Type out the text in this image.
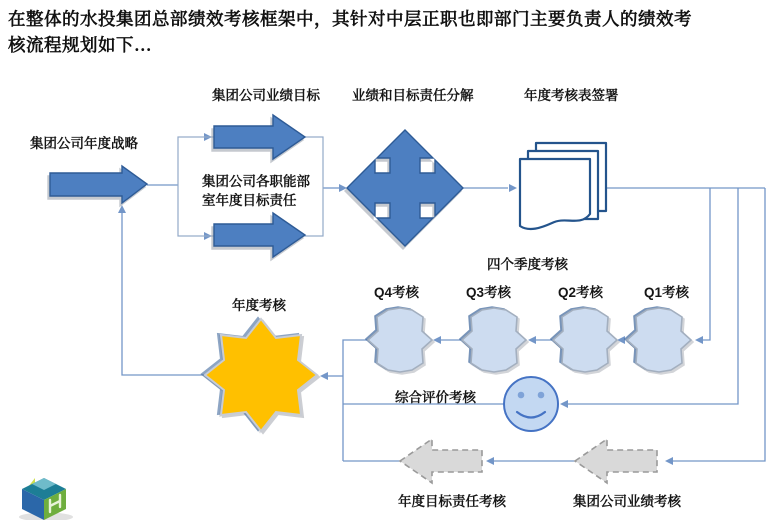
在整体的水投集团总部绩效考核框架中，其针对中层正职也即部门主要负责人的绩效考
核流程规划如下…
集团公司年度战略
集团公司业绩目标 业绩和目标责任分解	年度考核表签署
集团公司各职能部室年度目标责任
四个季度考核
Q4考核	Q3考核	Q2考核	Q1考核
年度考核
综合评价考核
年度目标责任考核	集团公司业绩考核
